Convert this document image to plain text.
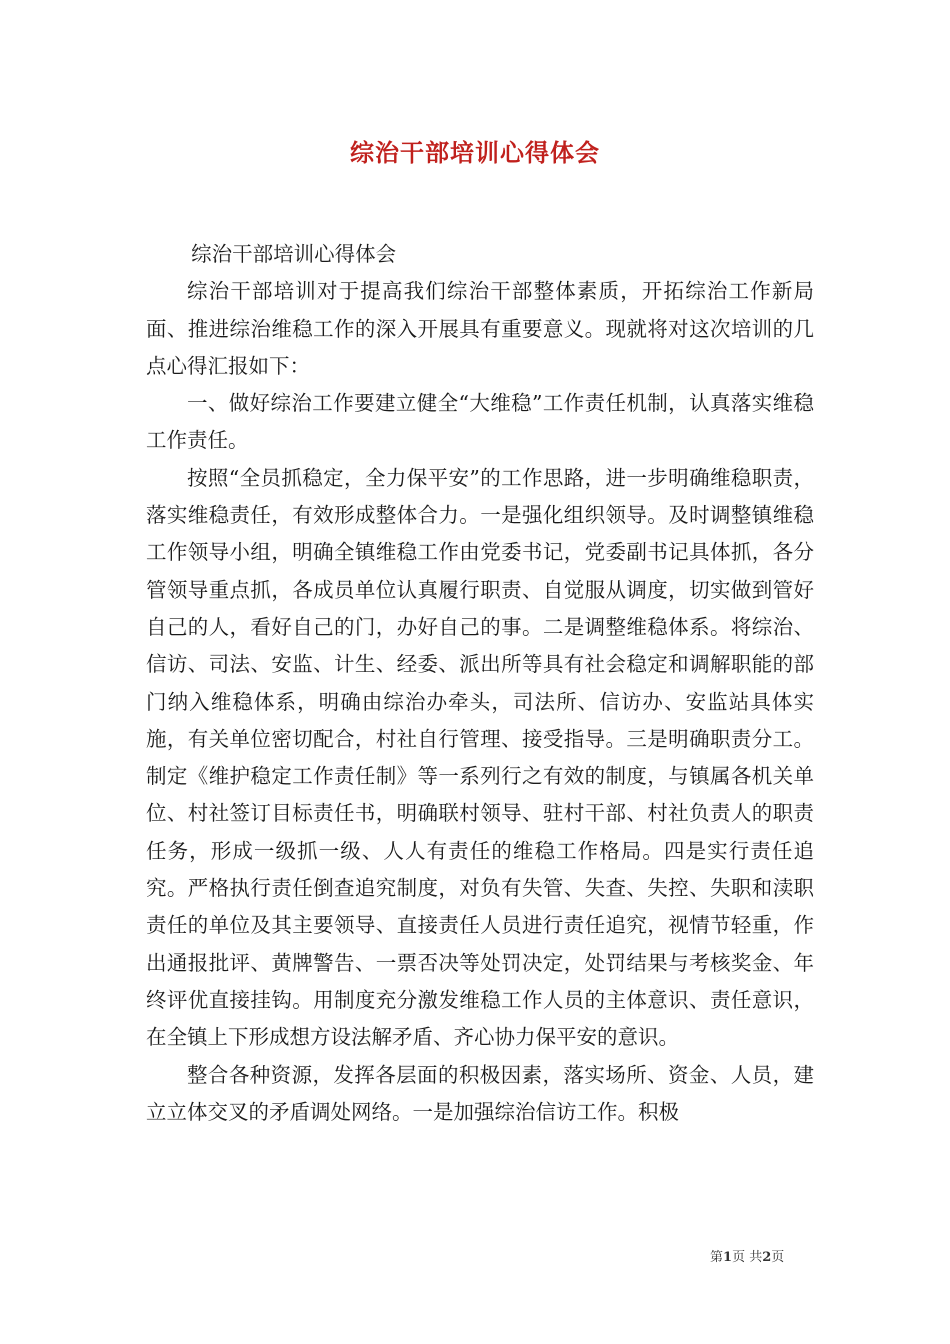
综治干部培训心得体会

综治干部培训心得体会

综治干部培训对于提高我们综治干部整体素质，开拓综治工作新局面、推进综治维稳工作的深入开展具有重要意义。现就将对这次培训的几点心得汇报如下：

一、做好综治工作要建立健全“大维稳”工作责任机制，认真落实维稳工作责任。

按照“全员抓稳定，全力保平安”的工作思路，进一步明确维稳职责，落实维稳责任，有效形成整体合力。一是强化组织领导。及时调整镇维稳工作领导小组，明确全镇维稳工作由党委书记，党委副书记具体抓，各分管领导重点抓，各成员单位认真履行职责、自觉服从调度，切实做到管好自己的人，看好自己的门，办好自己的事。二是调整维稳体系。将综治、信访、司法、安监、计生、经委、派出所等具有社会稳定和调解职能的部门纳入维稳体系，明确由综治办牵头，司法所、信访办、安监站具体实施，有关单位密切配合，村社自行管理、接受指导。三是明确职责分工。制定《维护稳定工作责任制》等一系列行之有效的制度，与镇属各机关单位、村社签订目标责任书，明确联村领导、驻村干部、村社负责人的职责任务，形成一级抓一级、人人有责任的维稳工作格局。四是实行责任追究。严格执行责任倒查追究制度，对负有失管、失查、失控、失职和渎职责任的单位及其主要领导、直接责任人员进行责任追究，视情节轻重，作出通报批评、黄牌警告、一票否决等处罚决定，处罚结果与考核奖金、年终评优直接挂钩。用制度充分激发维稳工作人员的主体意识、责任意识，在全镇上下形成想方设法解矛盾、齐心协力保平安的意识。

整合各种资源，发挥各层面的积极因素，落实场所、资金、人员，建立立体交叉的矛盾调处网络。一是加强综治信访工作。积极

第1页 共2页
